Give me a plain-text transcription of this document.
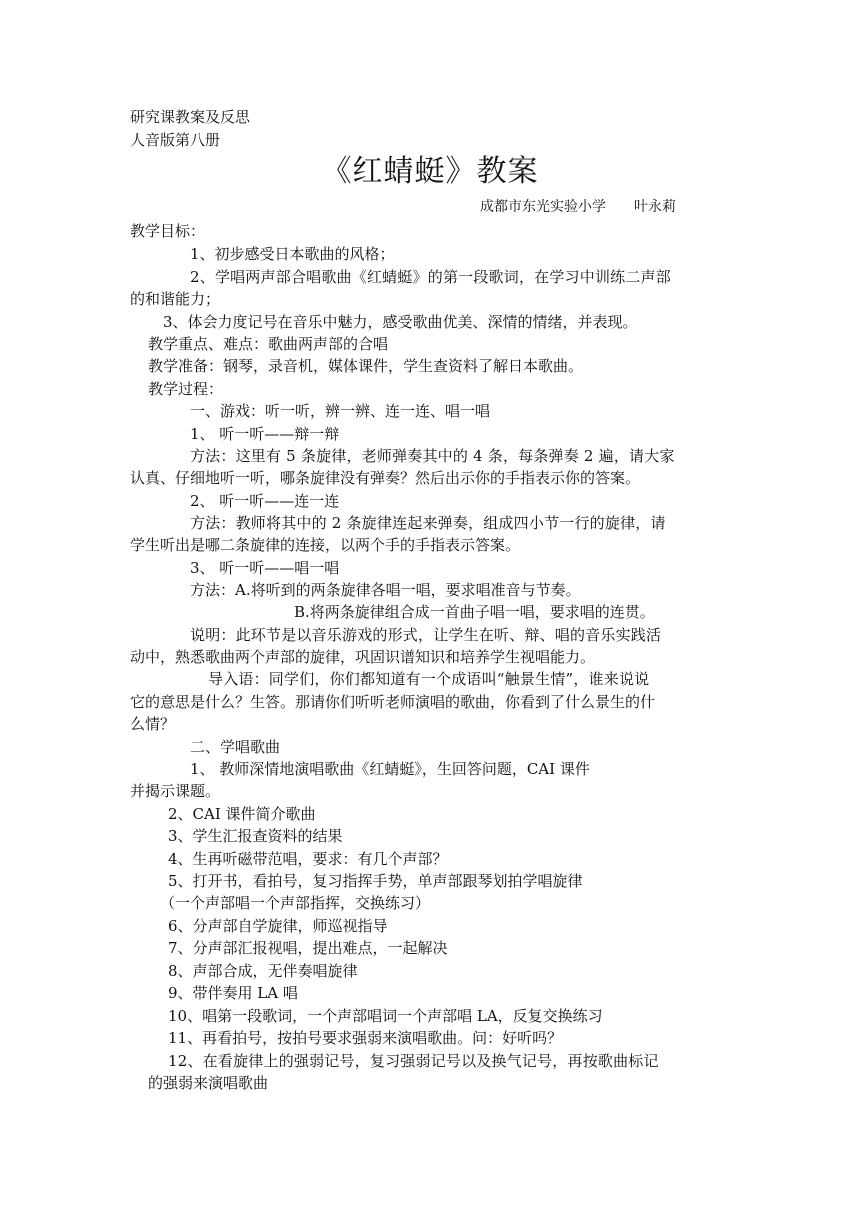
研究课教案及反思
人音版第八册
《红蜻蜓》教案
成都市东光实验小学 叶永莉
教学目标：
1、初步感受日本歌曲的风格；
2、学唱两声部合唱歌曲《红蜻蜓》的第一段歌词，在学习中训练二声部
的和谐能力；
3、体会力度记号在音乐中魅力，感受歌曲优美、深情的情绪，并表现。
教学重点、难点：歌曲两声部的合唱
教学准备：钢琴，录音机，媒体课件，学生查资料了解日本歌曲。
教学过程：
一、游戏：听一听，辨一辨、连一连、唱一唱
1、 听一听——辩一辩
方法：这里有 5 条旋律，老师弹奏其中的 4 条，每条弹奏 2 遍，请大家
认真、仔细地听一听，哪条旋律没有弹奏？然后出示你的手指表示你的答案。
2、 听一听——连一连
方法：教师将其中的 2 条旋律连起来弹奏，组成四小节一行的旋律，请
学生听出是哪二条旋律的连接，以两个手的手指表示答案。
3、 听一听——唱一唱
方法：A.将听到的两条旋律各唱一唱，要求唱准音与节奏。
B.将两条旋律组合成一首曲子唱一唱，要求唱的连贯。
说明：此环节是以音乐游戏的形式，让学生在听、辩、唱的音乐实践活
动中，熟悉歌曲两个声部的旋律，巩固识谱知识和培养学生视唱能力。
导入语：同学们，你们都知道有一个成语叫“触景生情”，谁来说说
它的意思是什么？生答。那请你们听听老师演唱的歌曲，你看到了什么景生的什
么情？
二、学唱歌曲
1、 教师深情地演唱歌曲《红蜻蜓》，生回答问题，CAI 课件
并揭示课题。
2、CAI 课件简介歌曲
3、学生汇报查资料的结果
4、生再听磁带范唱，要求：有几个声部？
5、打开书，看拍号，复习指挥手势，单声部跟琴划拍学唱旋律
（一个声部唱一个声部指挥，交换练习）
6、分声部自学旋律，师巡视指导
7、分声部汇报视唱，提出难点，一起解决
8、声部合成，无伴奏唱旋律
9、带伴奏用 LA 唱
10、唱第一段歌词，一个声部唱词一个声部唱 LA，反复交换练习
11、再看拍号，按拍号要求强弱来演唱歌曲。问：好听吗？
12、在看旋律上的强弱记号，复习强弱记号以及换气记号，再按歌曲标记
的强弱来演唱歌曲
